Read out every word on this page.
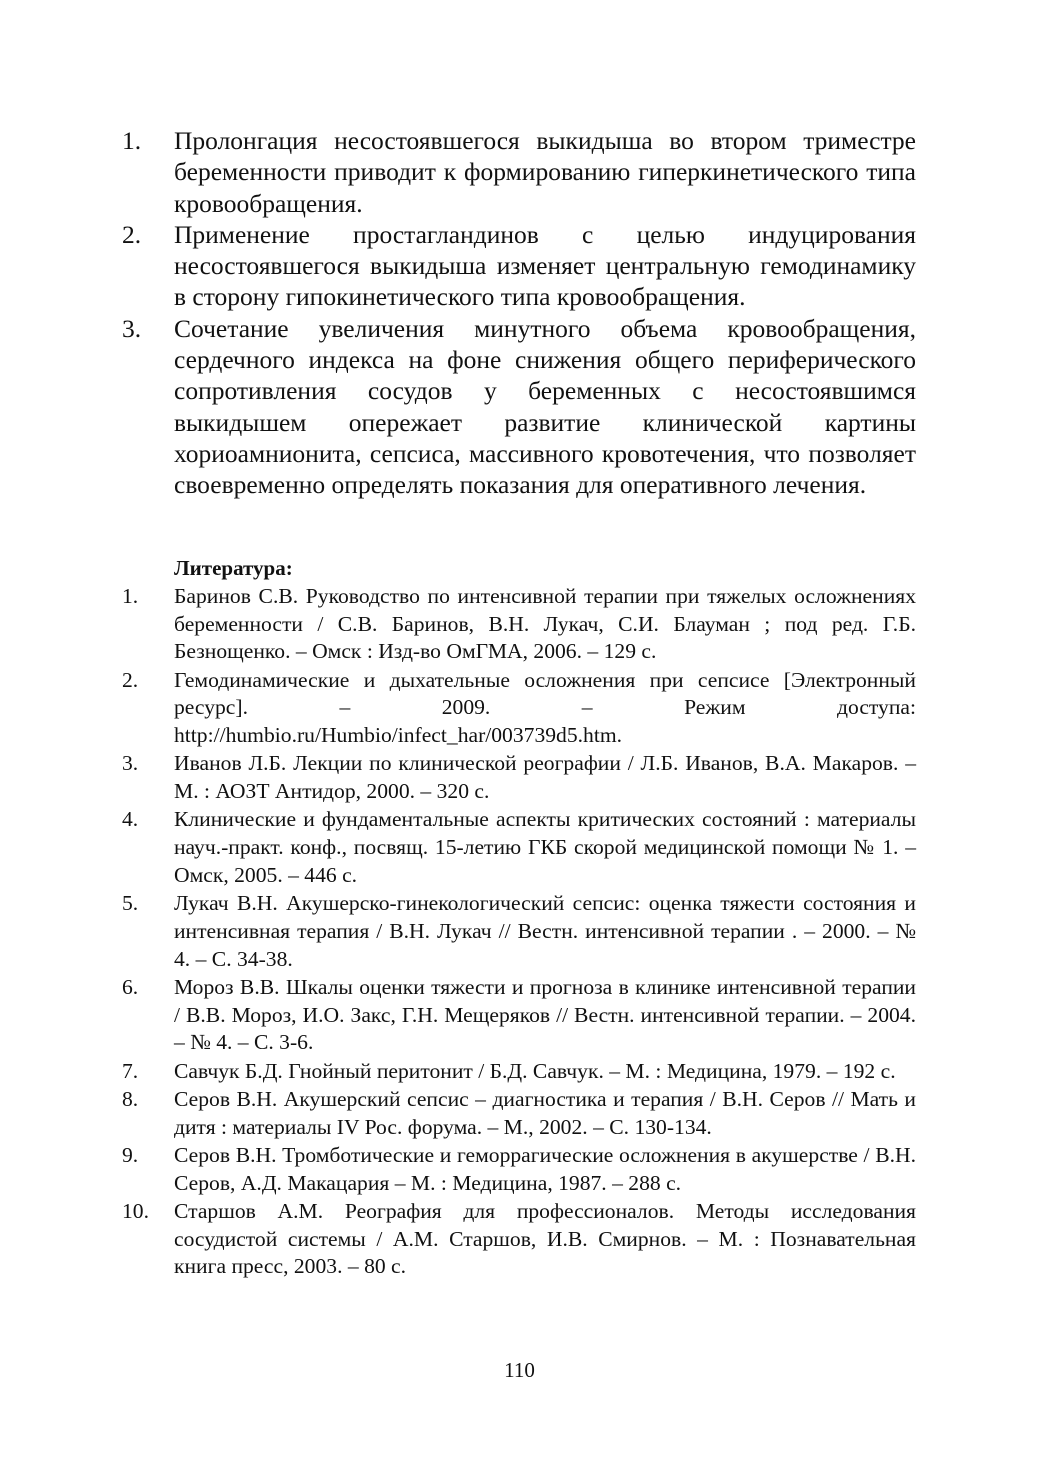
1. Пролонгация несостоявшегося выкидыша во втором триместре беременности приводит к формированию гиперкинетического типа кровообращения.
2. Применение простагландинов с целью индуцирования несостоявшегося выкидыша изменяет центральную гемодинамику в сторону гипокинетического типа кровообращения.
3. Сочетание увеличения минутного объема кровообращения, сердечного индекса на фоне снижения общего периферического сопротивления сосудов у беременных с несостоявшимся выкидышем опережает развитие клинической картины хориоамнионита, сепсиса, массивного кровотечения, что позволяет своевременно определять показания для оперативного лечения.
Литература:
1. Баринов С.В. Руководство по интенсивной терапии при тяжелых осложнениях беременности / С.В. Баринов, В.Н. Лукач, С.И. Блауман ; под ред. Г.Б. Безнощенко. – Омск : Изд-во ОмГМА, 2006. – 129 с.
2. Гемодинамические и дыхательные осложнения при сепсисе [Электронный ресурс]. – 2009. – Режим доступа: http://humbio.ru/Humbio/infect_har/003739d5.htm.
3. Иванов Л.Б. Лекции по клинической реографии / Л.Б. Иванов, В.А. Макаров. – М. : АОЗТ Антидор, 2000. – 320 с.
4. Клинические и фундаментальные аспекты критических состояний : материалы науч.-практ. конф., посвящ. 15-летию ГКБ скорой медицинской помощи № 1. – Омск, 2005. – 446 с.
5. Лукач В.Н. Акушерско-гинекологический сепсис: оценка тяжести состояния и интенсивная терапия / В.Н. Лукач // Вестн. интенсивной терапии . – 2000. – № 4. – С. 34-38.
6. Мороз В.В. Шкалы оценки тяжести и прогноза в клинике интенсивной терапии / В.В. Мороз, И.О. Закс, Г.Н. Мещеряков // Вестн. интенсивной терапии. – 2004. – № 4. – С. 3-6.
7. Савчук Б.Д. Гнойный перитонит / Б.Д. Савчук. – М. : Медицина, 1979. – 192 с.
8. Серов В.Н. Акушерский сепсис – диагностика и терапия / В.Н. Серов // Мать и дитя : материалы IV Рос. форума. – М., 2002. – С. 130-134.
9. Серов В.Н. Тромботические и геморрагические осложнения в акушерстве / В.Н. Серов, А.Д. Макацария – М. : Медицина, 1987. – 288 с.
10. Старшов А.М. Реография для профессионалов. Методы исследования сосудистой системы / А.М. Старшов, И.В. Смирнов. – М. : Познавательная книга пресс, 2003. – 80 с.
110
